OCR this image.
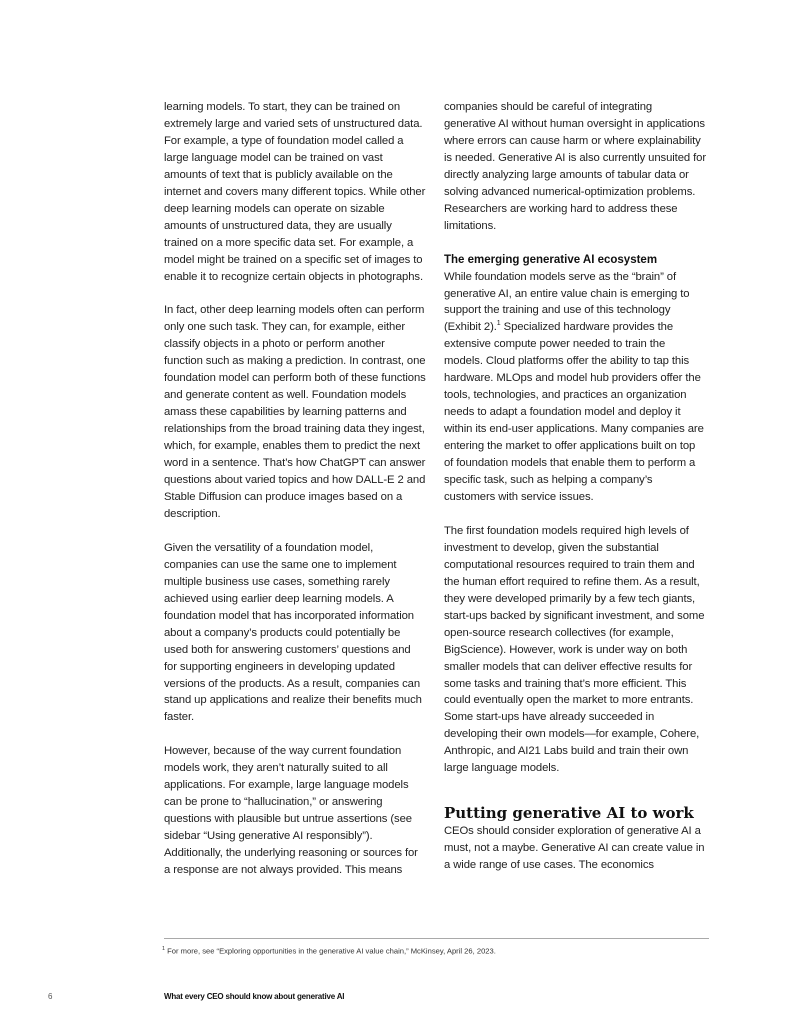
learning models. To start, they can be trained on extremely large and varied sets of unstructured data. For example, a type of foundation model called a large language model can be trained on vast amounts of text that is publicly available on the internet and covers many different topics. While other deep learning models can operate on sizable amounts of unstructured data, they are usually trained on a more specific data set. For example, a model might be trained on a specific set of images to enable it to recognize certain objects in photographs.

In fact, other deep learning models often can perform only one such task. They can, for example, either classify objects in a photo or perform another function such as making a prediction. In contrast, one foundation model can perform both of these functions and generate content as well. Foundation models amass these capabilities by learning patterns and relationships from the broad training data they ingest, which, for example, enables them to predict the next word in a sentence. That’s how ChatGPT can answer questions about varied topics and how DALL-E 2 and Stable Diffusion can produce images based on a description.

Given the versatility of a foundation model, companies can use the same one to implement multiple business use cases, something rarely achieved using earlier deep learning models. A foundation model that has incorporated information about a company’s products could potentially be used both for answering customers’ questions and for supporting engineers in developing updated versions of the products. As a result, companies can stand up applications and realize their benefits much faster.

However, because of the way current foundation models work, they aren’t naturally suited to all applications. For example, large language models can be prone to “hallucination,” or answering questions with plausible but untrue assertions (see sidebar “Using generative AI responsibly”). Additionally, the underlying reasoning or sources for a response are not always provided. This means

companies should be careful of integrating generative AI without human oversight in applications where errors can cause harm or where explainability is needed. Generative AI is also currently unsuited for directly analyzing large amounts of tabular data or solving advanced numerical-optimization problems. Researchers are working hard to address these limitations.

The emerging generative AI ecosystem

While foundation models serve as the “brain” of generative AI, an entire value chain is emerging to support the training and use of this technology (Exhibit 2).$^1$ Specialized hardware provides the extensive compute power needed to train the models. Cloud platforms offer the ability to tap this hardware. MLOps and model hub providers offer the tools, technologies, and practices an organization needs to adapt a foundation model and deploy it within its end-user applications. Many companies are entering the market to offer applications built on top of foundation models that enable them to perform a specific task, such as helping a company’s customers with service issues.

The first foundation models required high levels of investment to develop, given the substantial computational resources required to train them and the human effort required to refine them. As a result, they were developed primarily by a few tech giants, start-ups backed by significant investment, and some open-source research collectives (for example, BigScience). However, work is under way on both smaller models that can deliver effective results for some tasks and training that’s more efficient. This could eventually open the market to more entrants. Some start-ups have already succeeded in developing their own models—for example, Cohere, Anthropic, and AI21 Labs build and train their own large language models.

Putting generative AI to work

CEOs should consider exploration of generative AI a must, not a maybe. Generative AI can create value in a wide range of use cases. The economics

$^1$ For more, see “Exploring opportunities in the generative AI value chain,” McKinsey, April 26, 2023.
6	What every CEO should know about generative AI
